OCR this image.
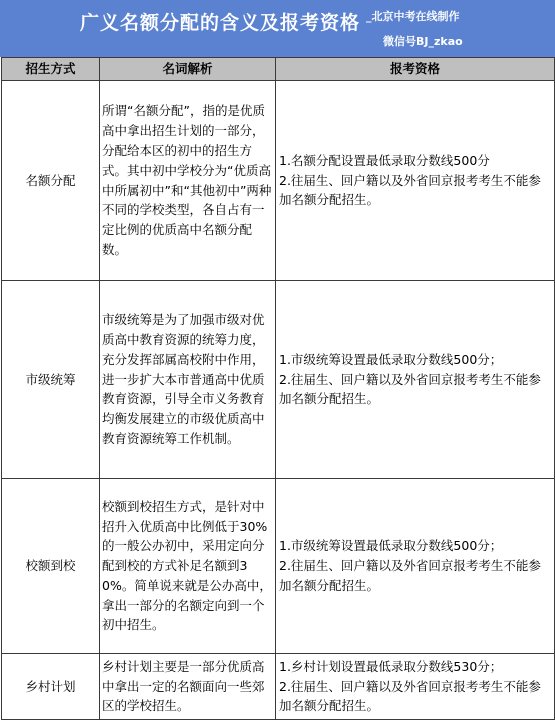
广义名额分配的含义及报考资格 _北京中考在线制作
微信号BJ_zkao
招生方式	名词解析	报考资格
名额分配	所谓“名额分配”，指的是优质高中拿出招生计划的一部分，分配给本区的初中的招生方式。其中初中学校分为“优质高中所属初中”和“其他初中”两种不同的学校类型，各自占有一定比例的优质高中名额分配数。	1.名额分配设置最低录取分数线500分
2.往届生、回户籍以及外省回京报考考生不能参加名额分配招生。

市级统筹	市级统筹是为了加强市级对优质高中教育资源的统筹力度，充分发挥部属高校附中作用，进一步扩大本市普通高中优质教育资源，引导全市义务教育均衡发展建立的市级优质高中教育资源统筹工作机制。	1.市级统筹设置最低录取分数线500分；
2.往届生、回户籍以及外省回京报考考生不能参加名额分配招生。

校额到校	校额到校招生方式，是针对中招升入优质高中比例低于30%的一般公办初中，采用定向分配到校的方式补足名额到30%。简单说来就是公办高中，拿出一部分的名额定向到一个初中招生。	1.市级统筹设置最低录取分数线500分；
2.往届生、回户籍以及外省回京报考考生不能参加名额分配招生。

乡村计划	乡村计划主要是一部分优质高中拿出一定的名额面向一些郊区的学校招生。	1.乡村计划设置最低录取分数线530分；
2.往届生、回户籍以及外省回京报考考生不能参加名额分配招生。
